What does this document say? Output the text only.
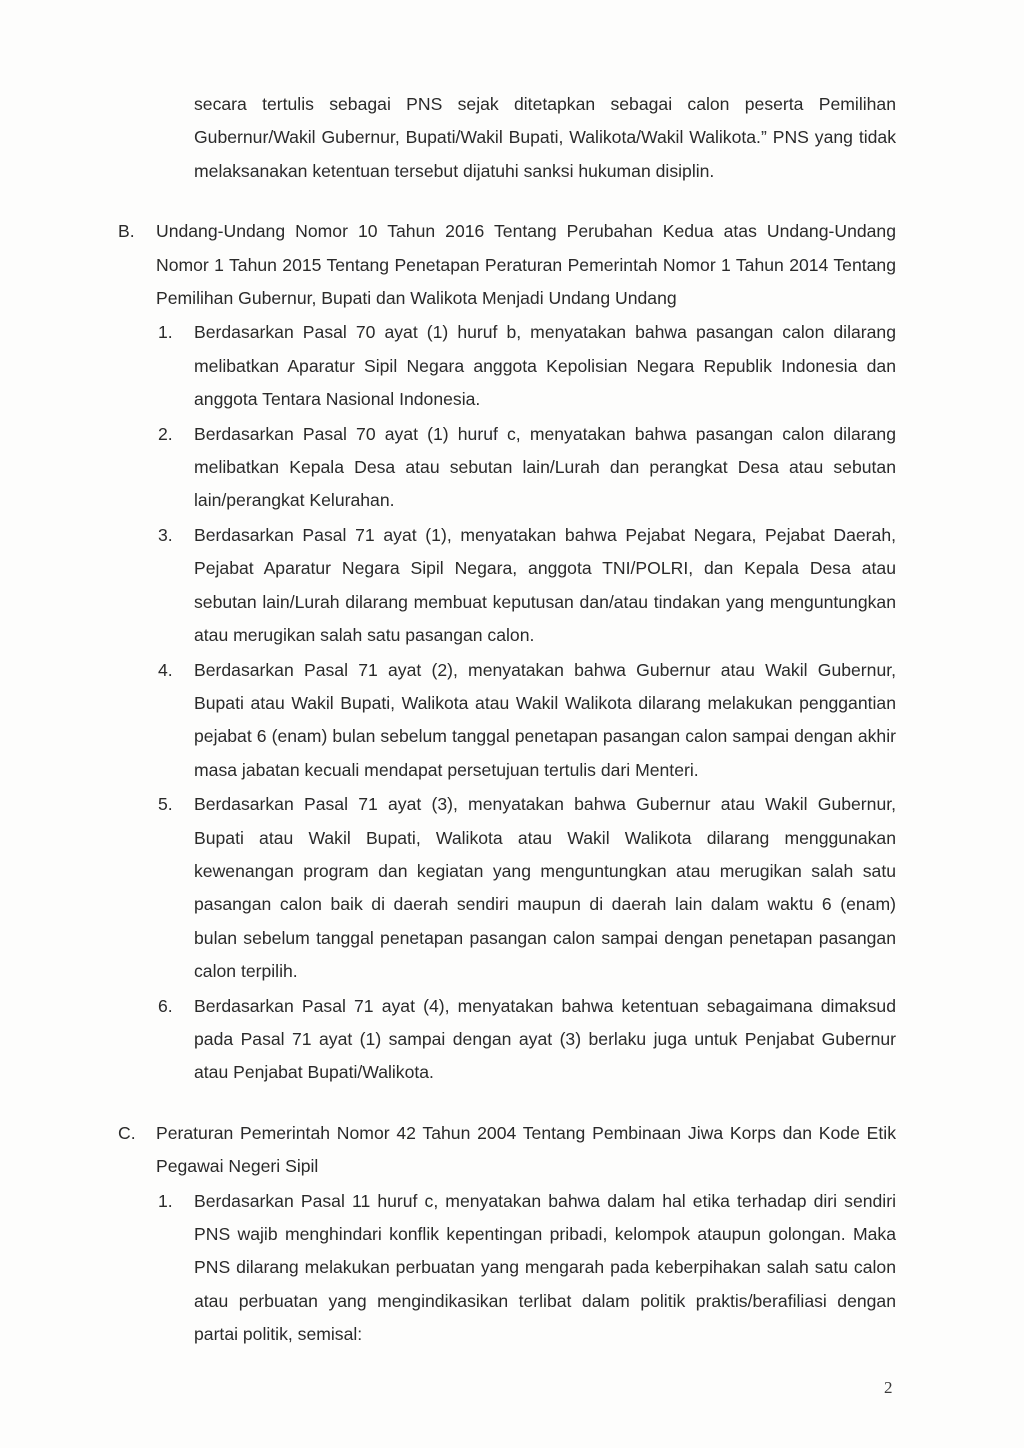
secara tertulis sebagai PNS sejak ditetapkan sebagai calon peserta Pemilihan Gubernur/Wakil Gubernur, Bupati/Wakil Bupati, Walikota/Wakil Walikota.” PNS yang tidak melaksanakan ketentuan tersebut dijatuhi sanksi hukuman disiplin.

B.	Undang-Undang Nomor 10 Tahun 2016 Tentang Perubahan Kedua atas Undang-Undang Nomor 1 Tahun 2015 Tentang Penetapan Peraturan Pemerintah Nomor 1 Tahun 2014 Tentang Pemilihan Gubernur, Bupati dan Walikota Menjadi Undang Undang

1.	Berdasarkan Pasal 70 ayat (1) huruf b, menyatakan bahwa pasangan calon dilarang melibatkan Aparatur Sipil Negara anggota Kepolisian Negara Republik Indonesia dan anggota Tentara Nasional Indonesia.

2.	Berdasarkan Pasal 70 ayat (1) huruf c, menyatakan bahwa pasangan calon dilarang melibatkan Kepala Desa atau sebutan lain/Lurah dan perangkat Desa atau sebutan lain/perangkat Kelurahan.

3.	Berdasarkan Pasal 71 ayat (1), menyatakan bahwa Pejabat Negara, Pejabat Daerah, Pejabat Aparatur Negara Sipil Negara, anggota TNI/POLRI, dan Kepala Desa atau sebutan lain/Lurah dilarang membuat keputusan dan/atau tindakan yang menguntungkan atau merugikan salah satu pasangan calon.

4.	Berdasarkan Pasal 71 ayat (2), menyatakan bahwa Gubernur atau Wakil Gubernur, Bupati atau Wakil Bupati, Walikota atau Wakil Walikota dilarang melakukan penggantian pejabat 6 (enam) bulan sebelum tanggal penetapan pasangan calon sampai dengan akhir masa jabatan kecuali mendapat persetujuan tertulis dari Menteri.

5.	Berdasarkan Pasal 71 ayat (3), menyatakan bahwa Gubernur atau Wakil Gubernur, Bupati atau Wakil Bupati, Walikota atau Wakil Walikota dilarang menggunakan kewenangan program dan kegiatan yang menguntungkan atau merugikan salah satu pasangan calon baik di daerah sendiri maupun di daerah lain dalam waktu 6 (enam) bulan sebelum tanggal penetapan pasangan calon sampai dengan penetapan pasangan calon terpilih.

6.	Berdasarkan Pasal 71 ayat (4), menyatakan bahwa ketentuan sebagaimana dimaksud pada Pasal 71 ayat (1) sampai dengan ayat (3) berlaku juga untuk Penjabat Gubernur atau Penjabat Bupati/Walikota.

C.	Peraturan Pemerintah Nomor 42 Tahun 2004 Tentang Pembinaan Jiwa Korps dan Kode Etik Pegawai Negeri Sipil

1.	Berdasarkan Pasal 11 huruf c, menyatakan bahwa dalam hal etika terhadap diri sendiri PNS wajib menghindari konflik kepentingan pribadi, kelompok ataupun golongan. Maka PNS dilarang melakukan perbuatan yang mengarah pada keberpihakan salah satu calon atau perbuatan yang mengindikasikan terlibat dalam politik praktis/berafiliasi dengan partai politik, semisal:

2
